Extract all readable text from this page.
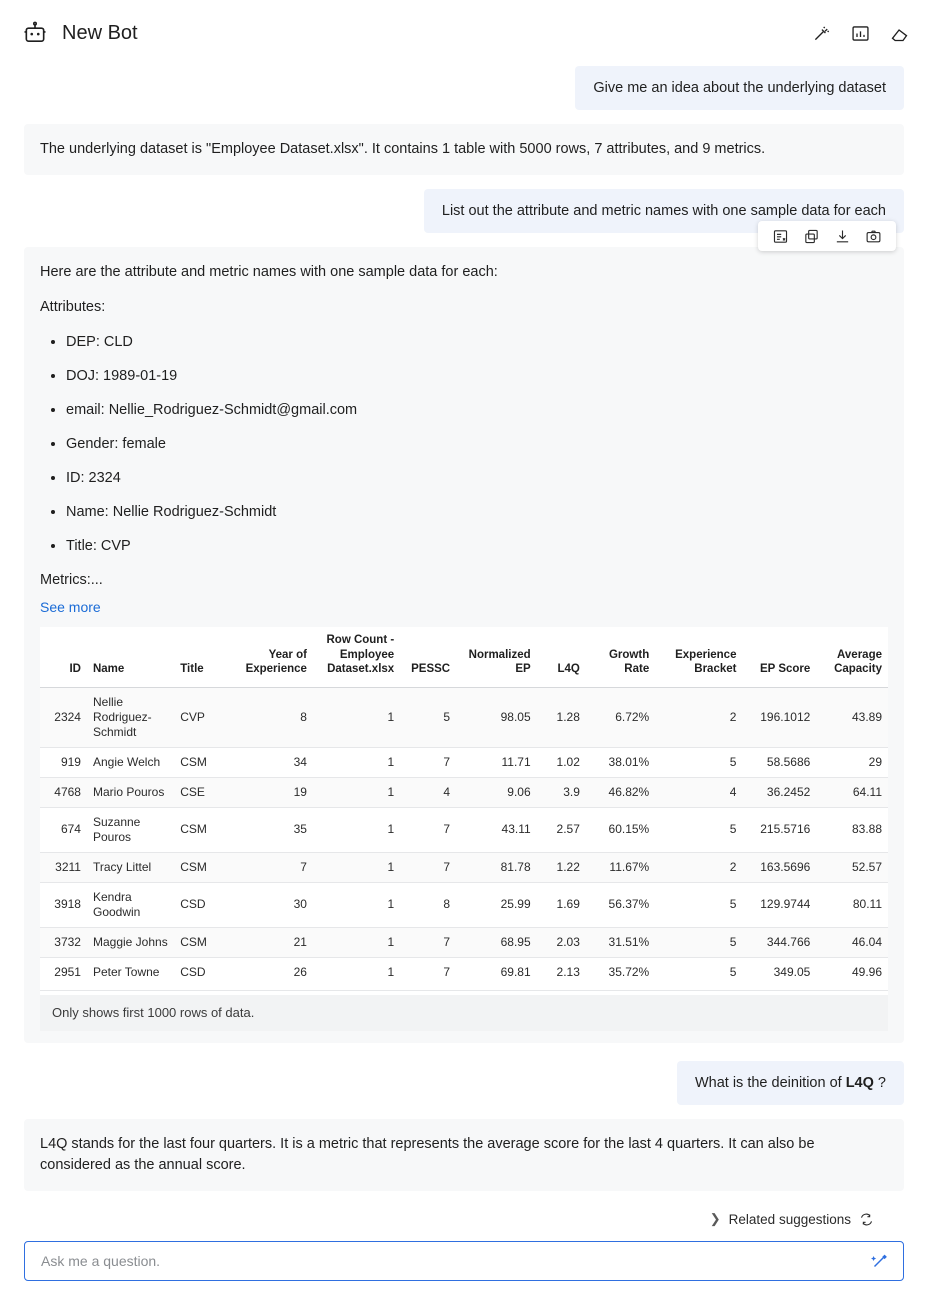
New Bot
Give me an idea about the underlying dataset
The underlying dataset is "Employee Dataset.xlsx". It contains 1 table with 5000 rows, 7 attributes, and 9 metrics.
List out the attribute and metric names with one sample data for each
Here are the attribute and metric names with one sample data for each:
Attributes:
• DEP: CLD
• DOJ: 1989-01-19
• email: Nellie_Rodriguez-Schmidt@gmail.com
• Gender: female
• ID: 2324
• Name: Nellie Rodriguez-Schmidt
• Title: CVP
Metrics:...
See more
ID	Name	Title	Year of Experience	Row Count - Employee Dataset.xlsx	PESSC	Normalized EP	L4Q	Growth Rate	Experience Bracket	EP Score	Average Capacity
2324	Nellie Rodriguez-Schmidt	CVP	8	1	5	98.05	1.28	6.72%	2	196.1012	43.89
919	Angie Welch	CSM	34	1	7	11.71	1.02	38.01%	5	58.5686	29
4768	Mario Pouros	CSE	19	1	4	9.06	3.9	46.82%	4	36.2452	64.11
674	Suzanne Pouros	CSM	35	1	7	43.11	2.57	60.15%	5	215.5716	83.88
3211	Tracy Littel	CSM	7	1	7	81.78	1.22	11.67%	2	163.5696	52.57
3918	Kendra Goodwin	CSD	30	1	8	25.99	1.69	56.37%	5	129.9744	80.11
3732	Maggie Johns	CSM	21	1	7	68.95	2.03	31.51%	5	344.766	46.04

2951	Peter Towne	CSD	26	1	7	69.81	2.13	35.72%	5	349.05	49.96
Only shows first 1000 rows of data.
What is the deinition of L4Q ?
L4Q stands for the last four quarters. It is a metric that represents the average score for the last 4 quarters. It can also be considered as the annual score.
❯ Related suggestions
Ask me a question.
